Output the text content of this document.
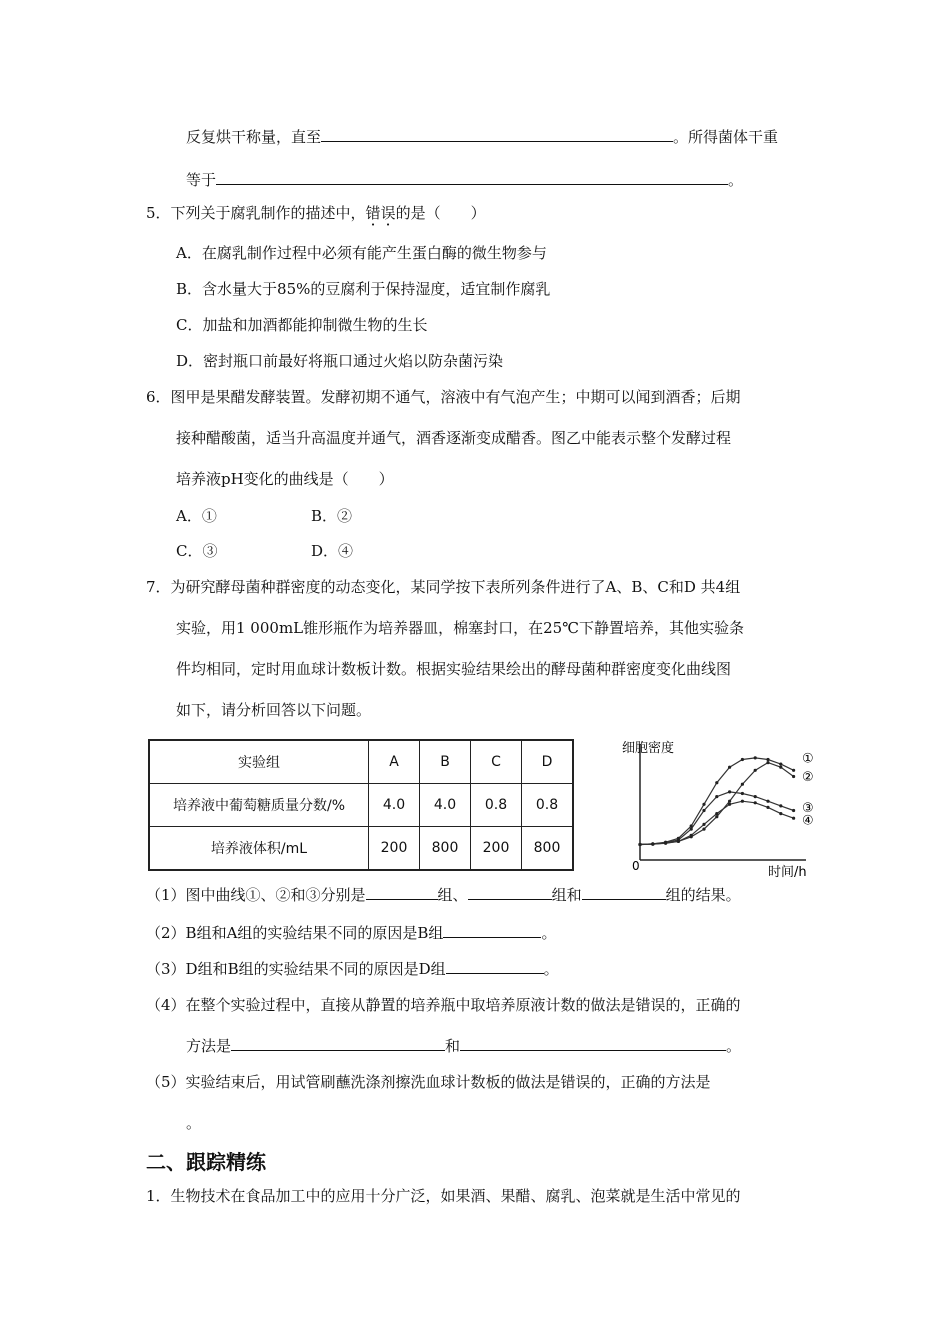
反复烘干称量，直至	。所得菌体干重
等于	。
5．下列关于腐乳制作的描述中，错误的是（　　）
A．在腐乳制作过程中必须有能产生蛋白酶的微生物参与
B．含水量大于85%的豆腐利于保持湿度，适宜制作腐乳
C．加盐和加酒都能抑制微生物的生长
D．密封瓶口前最好将瓶口通过火焰以防杂菌污染
6．图甲是果醋发酵装置。发酵初期不通气，溶液中有气泡产生；中期可以闻到酒香；后期
接种醋酸菌，适当升高温度并通气，酒香逐渐变成醋香。图乙中能表示整个发酵过程
培养液pH变化的曲线是（　　）
A．①	B．②
C．③	D．④
7．为研究酵母菌种群密度的动态变化，某同学按下表所列条件进行了A、B、C和D 共4组
实验，用1 000mL锥形瓶作为培养器皿，棉塞封口，在25℃下静置培养，其他实验条
件均相同，定时用血球计数板计数。根据实验结果绘出的酵母菌种群密度变化曲线图
如下，请分析回答以下问题。
实验组	A	B	C	D
培养液中葡萄糖质量分数/%	4.0	4.0	0.8	0.8
培养液体积/mL	200	800	200	800
细胞密度
时间/h
0
①
②
③
④
（1）图中曲线①、②和③分别是	组、	组和	组的结果。
（2）B组和A组的实验结果不同的原因是B组	。
（3）D组和B组的实验结果不同的原因是D组	。
（4）在整个实验过程中，直接从静置的培养瓶中取培养原液计数的做法是错误的，正确的
方法是	和	。
（5）实验结束后，用试管刷蘸洗涤剂擦洗血球计数板的做法是错误的，正确的方法是
。
二、跟踪精练
1．生物技术在食品加工中的应用十分广泛，如果酒、果醋、腐乳、泡菜就是生活中常见的
